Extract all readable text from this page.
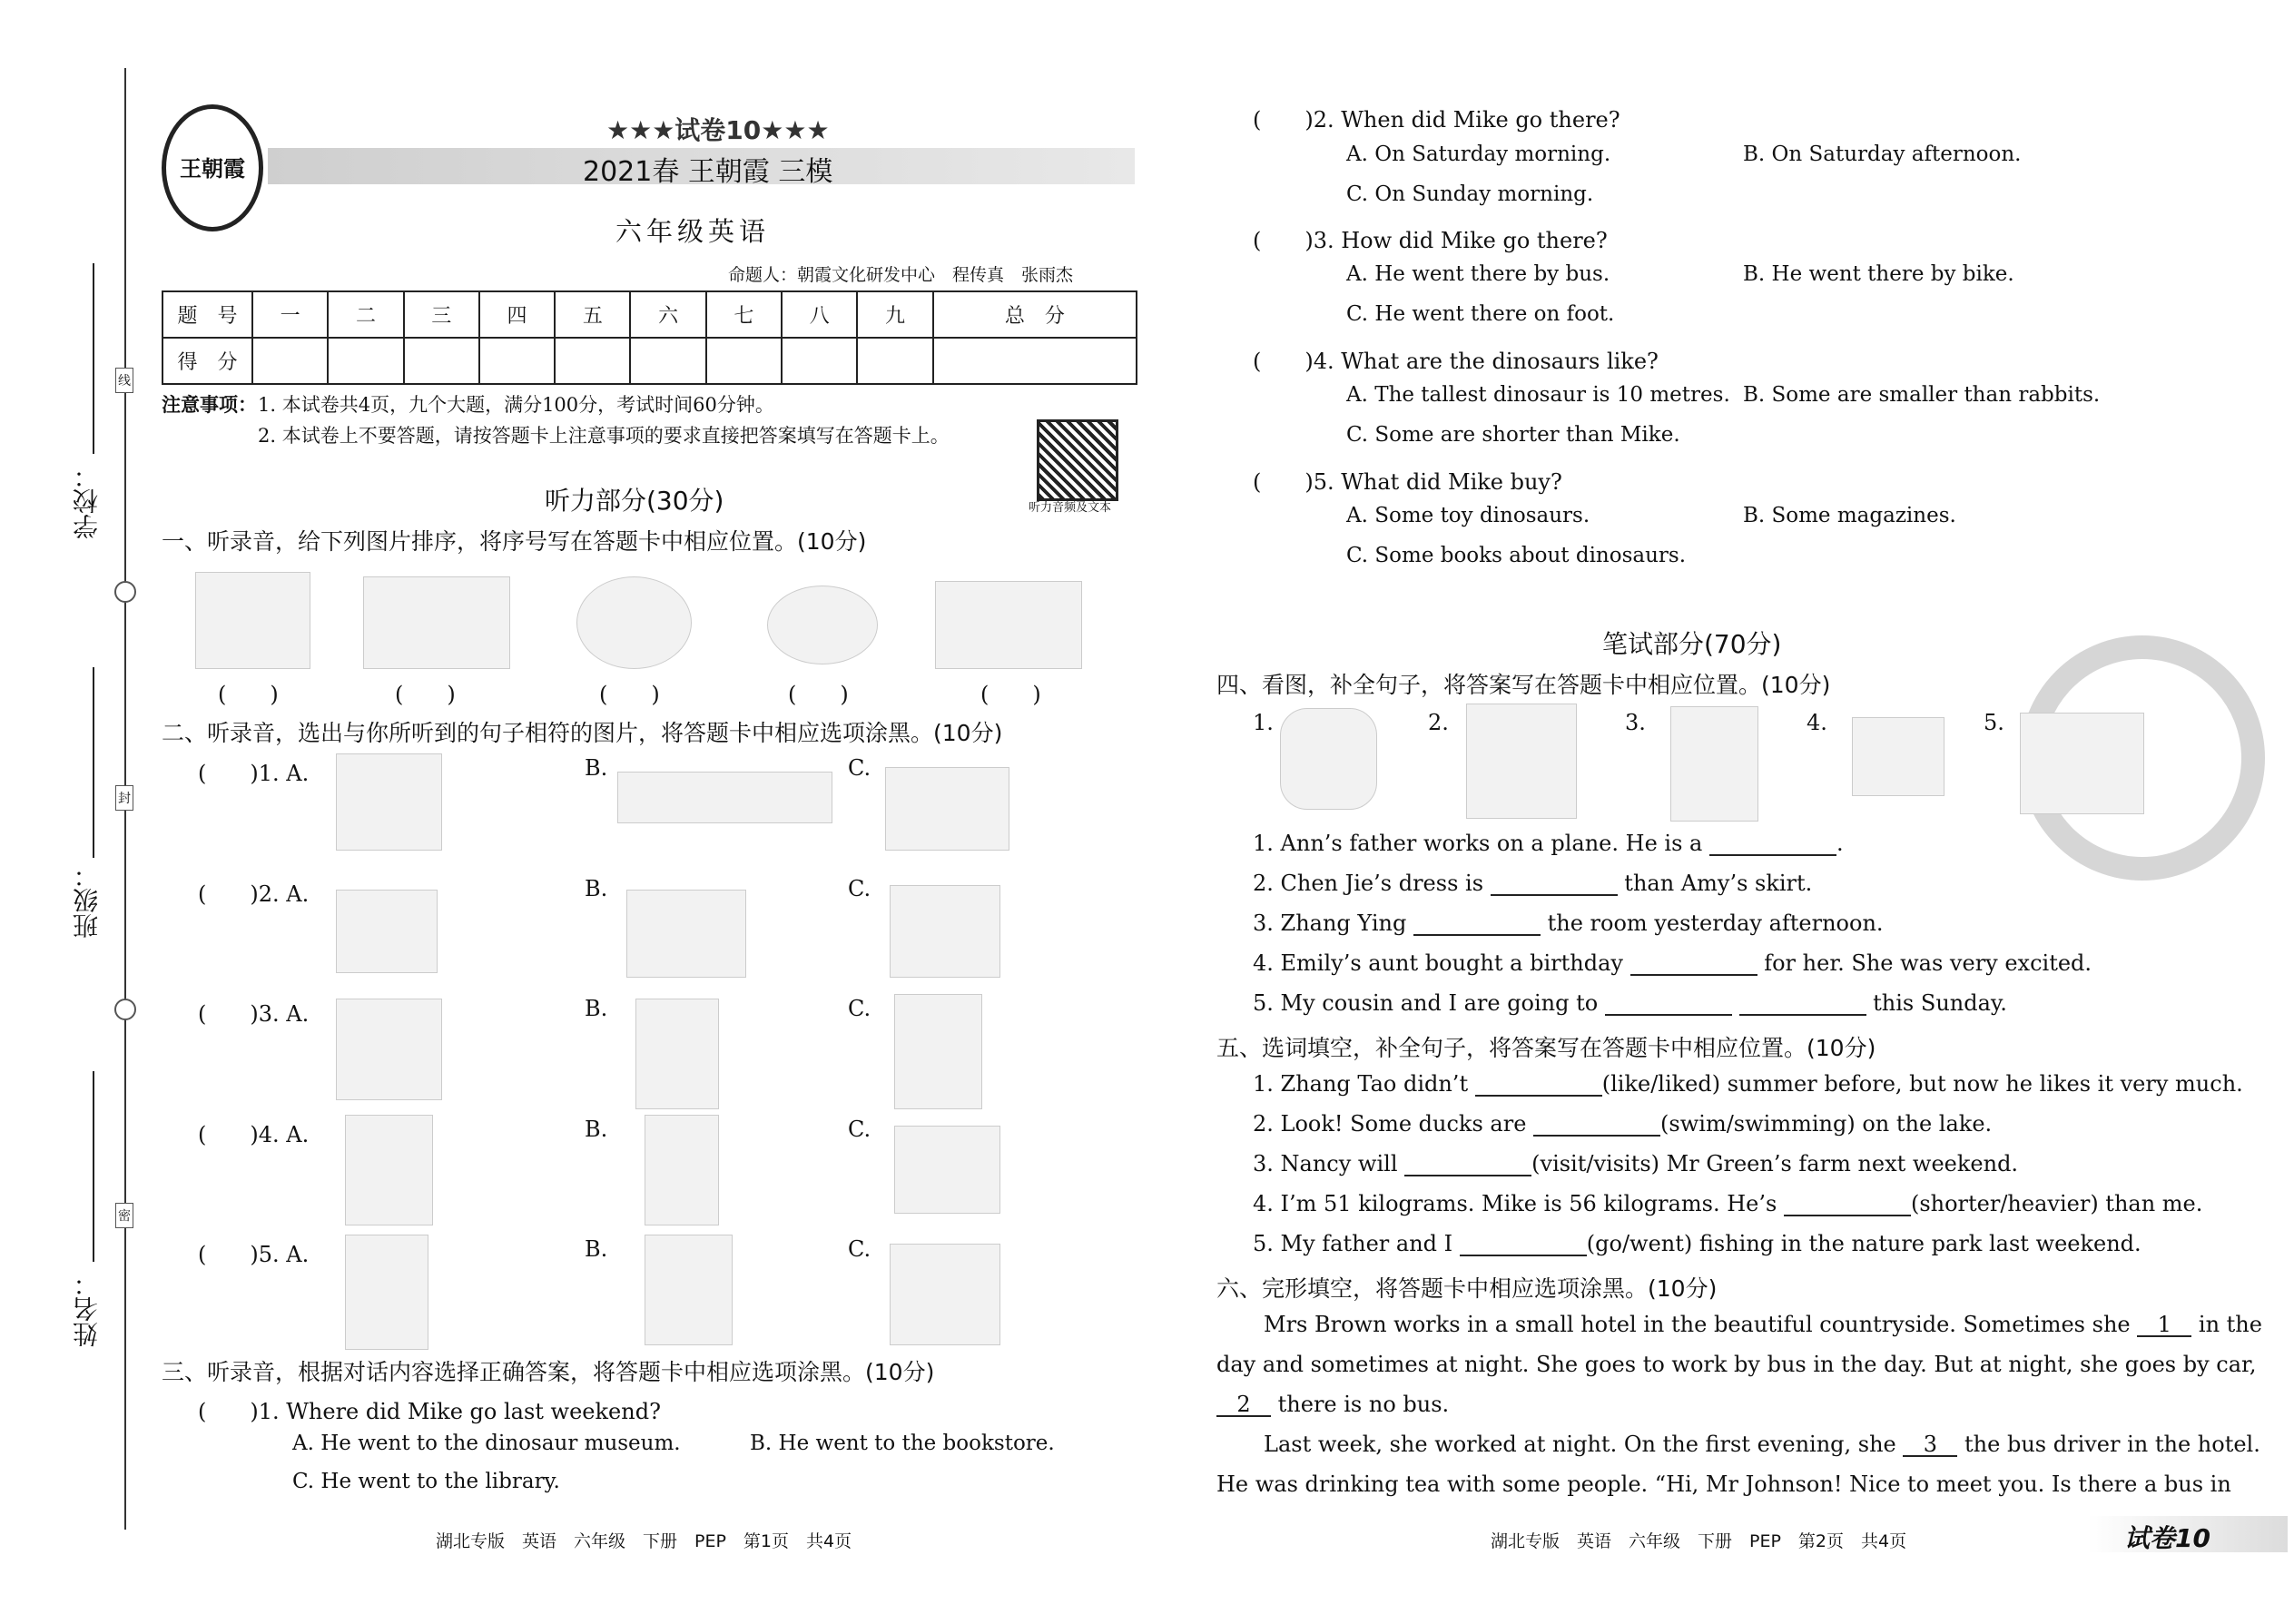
学校：
班级：
姓名：
线
封
密
王朝霞
★★★试卷10★★★
2021春 王朝霞 三模
六年级英语
命题人：朝霞文化研发中心　程传真　张雨杰
题　号	一	二	三	四	五	六	七	八	九	总　分
得　分										
注意事项： 1. 本试卷共4页，九个大题，满分100分，考试时间60分钟。
2. 本试卷上不要答题，请按答题卡上注意事项的要求直接把答案填写在答题卡上。
听力音频及文本
听力部分(30分)
一、听录音，给下列图片排序，将序号写在答题卡中相应位置。(10分)
(　　)	(　　)	(　　)	(　　)	(　　)
二、听录音，选出与你所听到的句子相符的图片，将答题卡中相应选项涂黑。(10分)
(　　)1. A.	B.	C.
(　　)2. A.	B.	C.
(　　)3. A.	B.	C.
(　　)4. A.	B.	C.
(　　)5. A.	B.	C.
三、听录音，根据对话内容选择正确答案，将答题卡中相应选项涂黑。(10分)
(　　)1. Where did Mike go last weekend?
A. He went to the dinosaur museum.	B. He went to the bookstore.
C. He went to the library.
湖北专版　英语　六年级　下册　PEP　第1页　共4页
(　　)2. When did Mike go there?
A. On Saturday morning.	B. On Saturday afternoon.
C. On Sunday morning.
(　　)3. How did Mike go there?
A. He went there by bus.	B. He went there by bike.
C. He went there on foot.
(　　)4. What are the dinosaurs like?
A. The tallest dinosaur is 10 metres. B. Some are smaller than rabbits.
C. Some are shorter than Mike.
(　　)5. What did Mike buy?
A. Some toy dinosaurs.	B. Some magazines.
C. Some books about dinosaurs.
笔试部分(70分)
四、看图，补全句子，将答案写在答题卡中相应位置。(10分)
1.	2.	3.	4.	5.
1. Ann’s father works on a plane. He is a	.
2. Chen Jie’s dress is	than Amy’s skirt.
3. Zhang Ying	the room yesterday afternoon.
4. Emily’s aunt bought a birthday	for her. She was very excited.
5. My cousin and I are going to	this Sunday.
五、选词填空，补全句子，将答案写在答题卡中相应位置。(10分)
1. Zhang Tao didn’t	(like/liked) summer before, but now he likes it very much.
2. Look! Some ducks are	(swim/swimming) on the lake.
3. Nancy will	(visit/visits) Mr Green’s farm next weekend.
4. I’m 51 kilograms. Mike is 56 kilograms. He’s	(shorter/heavier) than me.
5. My father and I	(go/went) fishing in the nature park last weekend.
六、完形填空，将答题卡中相应选项涂黑。(10分)
Mrs Brown works in a small hotel in the beautiful countryside. Sometimes she 1 in the
day and sometimes at night. She goes to work by bus in the day. But at night, she goes by car,
2 there is no bus.
Last week, she worked at night. On the first evening, she 3 the bus driver in the hotel.
He was drinking tea with some people. “Hi, Mr Johnson! Nice to meet you. Is there a bus in
湖北专版　英语　六年级　下册　PEP　第2页　共4页	试卷10
